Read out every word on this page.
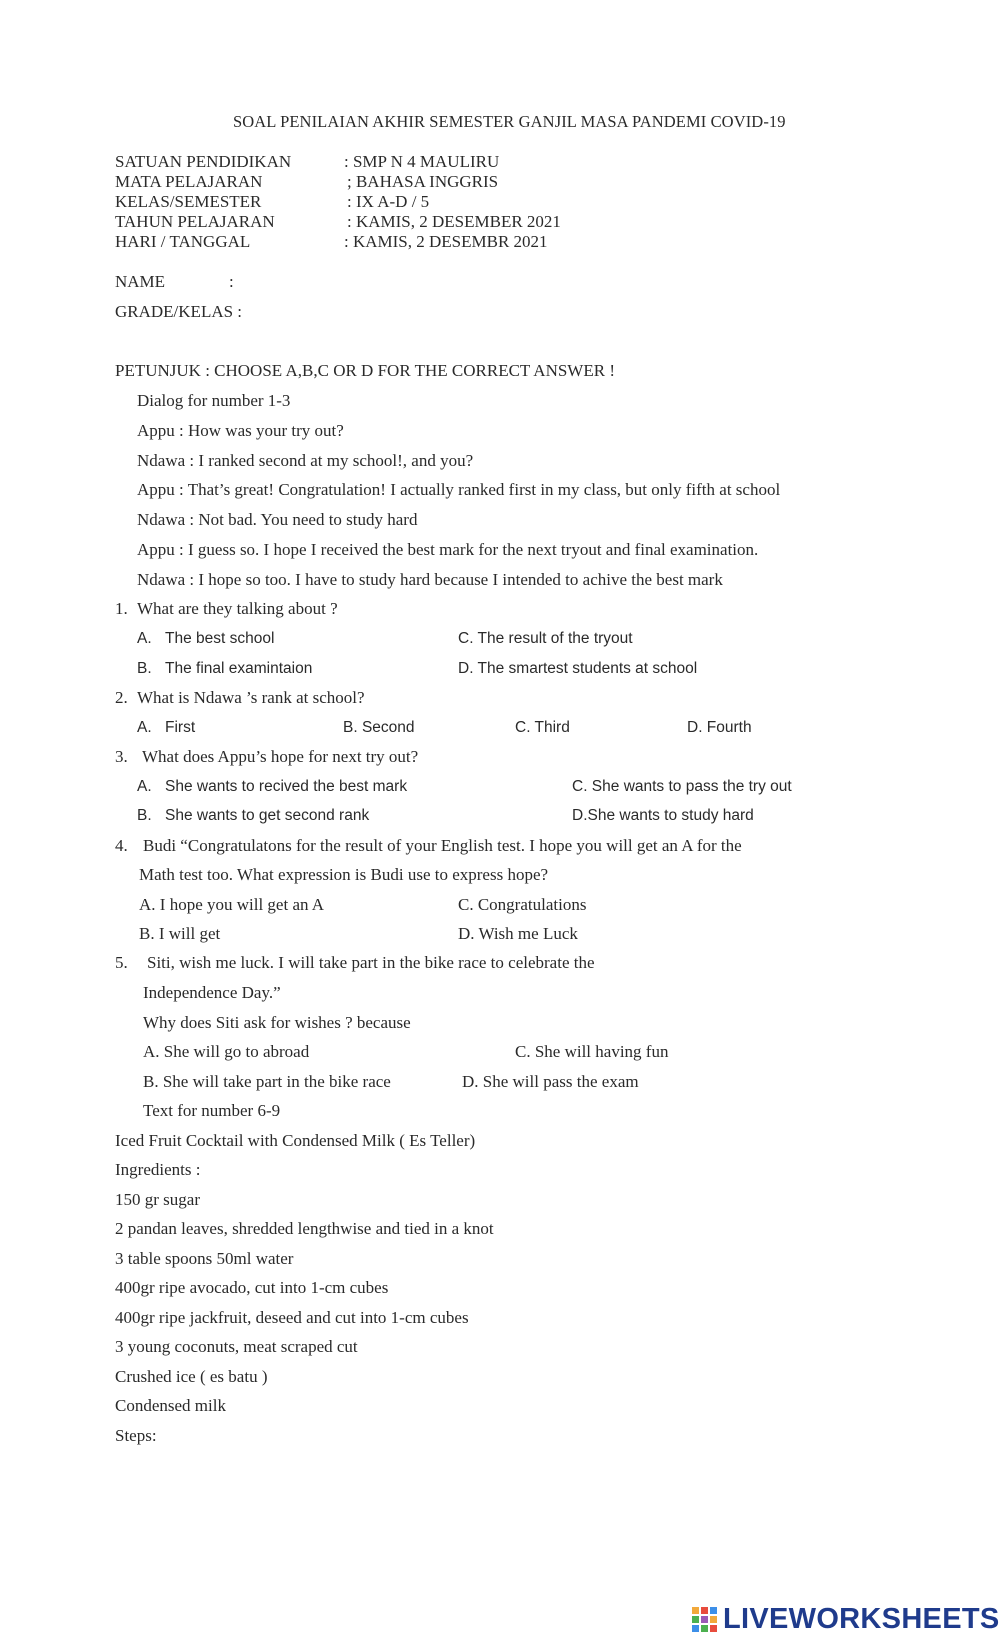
SOAL PENILAIAN AKHIR SEMESTER GANJIL MASA PANDEMI COVID-19
SATUAN PENDIDIKAN	: SMP N 4 MAULIRU
MATA PELAJARAN	; BAHASA INGGRIS
KELAS/SEMESTER	: IX A-D / 5
TAHUN PELAJARAN	: KAMIS, 2 DESEMBER 2021
HARI / TANGGAL	: KAMIS, 2 DESEMBR 2021
NAME	:
GRADE/KELAS :
PETUNJUK : CHOOSE A,B,C OR D FOR THE CORRECT ANSWER !
Dialog for number 1-3
Appu : How was your try out?
Ndawa : I ranked second at my school!, and you?
Appu : That’s great! Congratulation! I actually ranked first in my class, but only fifth at school
Ndawa : Not bad. You need to study hard
Appu : I guess so. I hope I received the best mark for the next tryout and final examination.
Ndawa : I hope so too. I have to study hard because I intended to achive the best mark
1. What are they talking about ?
A. The best school	C. The result of the tryout
B. The final examintaion	D. The smartest students at school
2. What is Ndawa ’s rank at school?
A. First	B. Second	C. Third	D. Fourth
3. What does Appu’s hope for next try out?
A. She wants to recived the best mark	C. She wants to pass the try out
B. She wants to get second rank	D.She wants to study hard
4. Budi “Congratulatons for the result of your English test. I hope you will get an A for the
Math test too. What expression is Budi use to express hope?
A. I hope you will get an A	C. Congratulations
B. I will get	D. Wish me Luck
5. Siti, wish me luck. I will take part in the bike race to celebrate the
Independence Day.”
Why does Siti ask for wishes ? because
A. She will go to abroad	C. She will having fun
B. She will take part in the bike race	D. She will pass the exam
Text for number 6-9
Iced Fruit Cocktail with Condensed Milk ( Es Teller)
Ingredients :
150 gr sugar
2 pandan leaves, shredded lengthwise and tied in a knot
3 table spoons 50ml water
400gr ripe avocado, cut into 1-cm cubes
400gr ripe jackfruit, deseed and cut into 1-cm cubes
3 young coconuts, meat scraped cut
Crushed ice ( es batu )
Condensed milk
Steps:
LIVEWORKSHEETS
